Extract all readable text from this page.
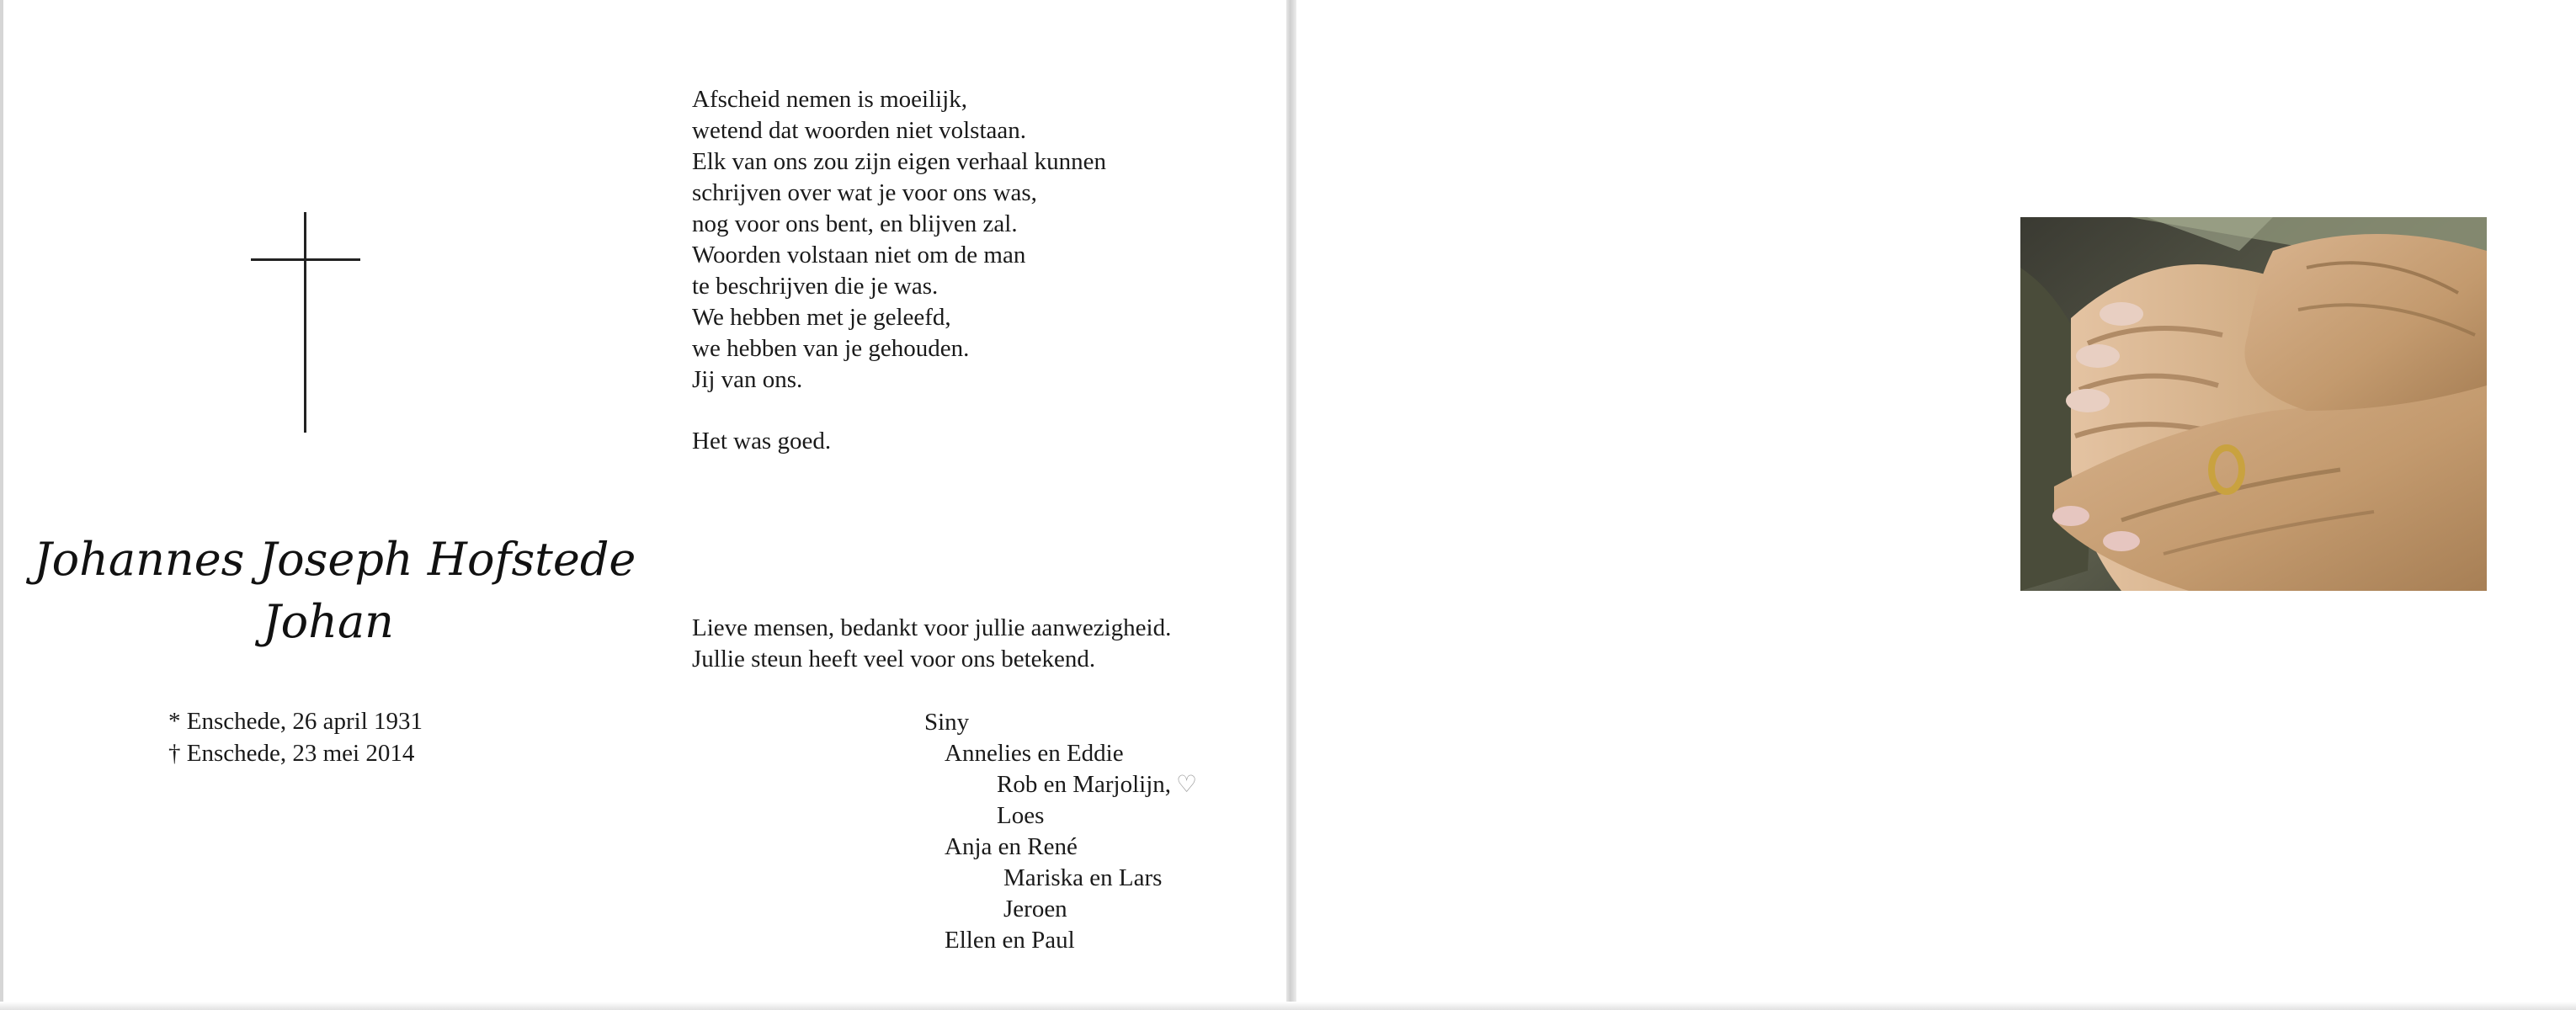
Johannes Joseph Hofstede
Johan
* Enschede, 26 april 1931
† Enschede, 23 mei 2014
Afscheid nemen is moeilijk,
wetend dat woorden niet volstaan.
Elk van ons zou zijn eigen verhaal kunnen
schrijven over wat je voor ons was,
nog voor ons bent, en blijven zal.
Woorden volstaan niet om de man
te beschrijven die je was.
We hebben met je geleefd,
we hebben van je gehouden.
Jij van ons.
Het was goed.
Lieve mensen, bedankt voor jullie aanwezigheid.
Jullie steun heeft veel voor ons betekend.
Siny
Annelies en Eddie
Rob en Marjolijn, ♡
Loes
Anja en René
Mariska en Lars
Jeroen
Ellen en Paul
